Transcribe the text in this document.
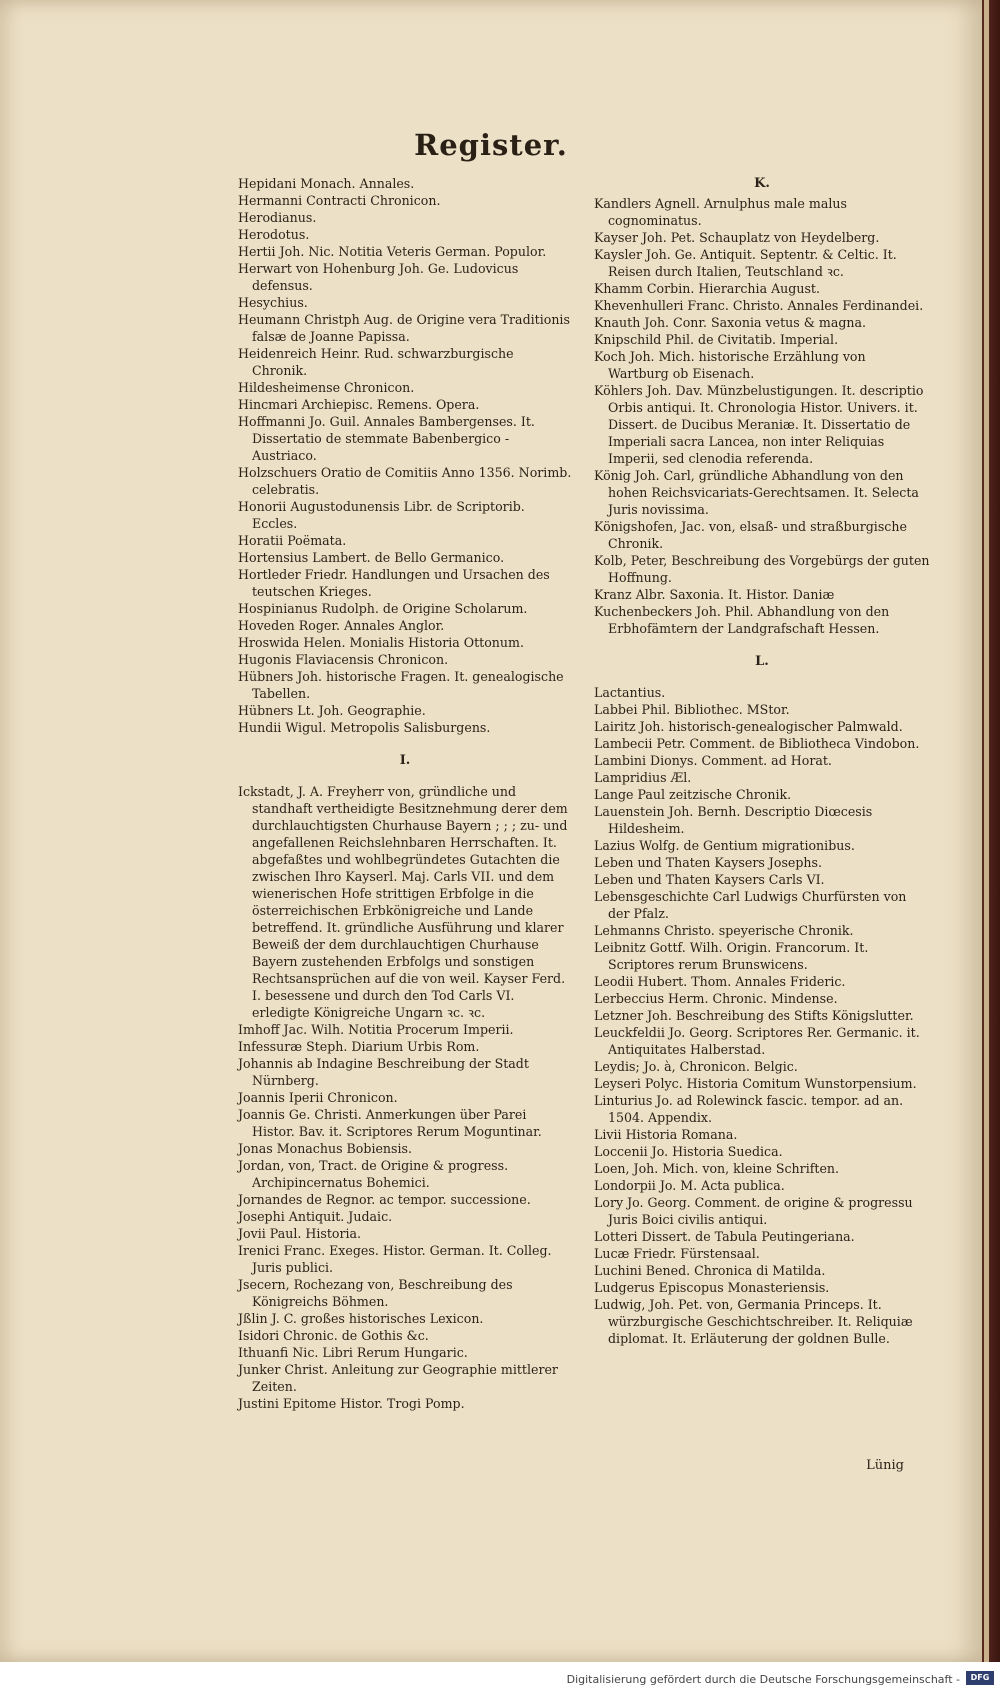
Register.

Hepidani Monach. Annales.

Hermanni Contracti Chronicon.

Herodianus.

Herodotus.

Hertii Joh. Nic. Notitia Veteris German. Populor.

Herwart von Hohenburg Joh. Ge. Ludovicus defensus.

Hesychius.

Heumann Christph Aug. de Origine vera Traditionis falsæ de Joanne Papissa.

Heidenreich Heinr. Rud. schwarzburgische Chronik.

Hildesheimense Chronicon.

Hincmari Archiepisc. Remens. Opera.

Hoffmanni Jo. Guil. Annales Bambergenses. It. Dissertatio de stemmate Babenbergico - Austriaco.

Holzschuers Oratio de Comitiis Anno 1356. Norimb. celebratis.

Honorii Augustodunensis Libr. de Scriptorib. Eccles.

Horatii Poëmata.

Hortensius Lambert. de Bello Germanico.

Hortleder Friedr. Handlungen und Ursachen des teutschen Krieges.

Hospinianus Rudolph. de Origine Scholarum.

Hoveden Roger. Annales Anglor.

Hroswida Helen. Monialis Historia Ottonum.

Hugonis Flaviacensis Chronicon.

Hübners Joh. historische Fragen. It. genealogische Tabellen.

Hübners Lt. Joh. Geographie.

Hundii Wigul. Metropolis Salisburgens.

I.

Ickstadt, J. A. Freyherr von, gründliche und standhaft vertheidigte Besitznehmung derer dem durchlauchtigsten Churhause Bayern ; ; ; zu- und angefallenen Reichslehnbaren Herrschaften. It. abgefaßtes und wohlbegründetes Gutachten die zwischen Ihro Kayserl. Maj. Carls VII. und dem wienerischen Hofe strittigen Erbfolge in die österreichischen Erbkönigreiche und Lande betreffend. It. gründliche Ausführung und klarer Beweiß der dem durchlauchtigen Churhause Bayern zustehenden Erbfolgs und sonstigen Rechtsansprüchen auf die von weil. Kayser Ferd. I. besessene und durch den Tod Carls VI. erledigte Königreiche Ungarn ꝛc. ꝛc.

Imhoff Jac. Wilh. Notitia Procerum Imperii.

Infessuræ Steph. Diarium Urbis Rom.

Johannis ab Indagine Beschreibung der Stadt Nürnberg.

Joannis Iperii Chronicon.

Joannis Ge. Christi. Anmerkungen über Parei Histor. Bav. it. Scriptores Rerum Moguntinar.

Jonas Monachus Bobiensis.

Jordan, von, Tract. de Origine & progress. Archipincernatus Bohemici.

Jornandes de Regnor. ac tempor. successione.

Josephi Antiquit. Judaic.

Jovii Paul. Historia.

Irenici Franc. Exeges. Histor. German. It. Colleg. Juris publici.

Jsecern, Rochezang von, Beschreibung des Königreichs Böhmen.

Jßlin J. C. großes historisches Lexicon.

Isidori Chronic. de Gothis &c.

Ithuanfi Nic. Libri Rerum Hungaric.

Junker Christ. Anleitung zur Geographie mittlerer Zeiten.

Justini Epitome Histor. Trogi Pomp.

K.

Kandlers Agnell. Arnulphus male malus cognominatus.

Kayser Joh. Pet. Schauplatz von Heydelberg.

Kaysler Joh. Ge. Antiquit. Septentr. & Celtic. It. Reisen durch Italien, Teutschland ꝛc.

Khamm Corbin. Hierarchia August.

Khevenhulleri Franc. Christo. Annales Ferdinandei.

Knauth Joh. Conr. Saxonia vetus & magna.

Knipschild Phil. de Civitatib. Imperial.

Koch Joh. Mich. historische Erzählung von Wartburg ob Eisenach.

Köhlers Joh. Dav. Münzbelustigungen. It. descriptio Orbis antiqui. It. Chronologia Histor. Univers. it. Dissert. de Ducibus Meraniæ. It. Dissertatio de Imperiali sacra Lancea, non inter Reliquias Imperii, sed clenodia referenda.

König Joh. Carl, gründliche Abhandlung von den hohen Reichsvicariats-Gerechtsamen. It. Selecta Juris novissima.

Königshofen, Jac. von, elsaß- und straßburgische Chronik.

Kolb, Peter, Beschreibung des Vorgebürgs der guten Hoffnung.

Kranz Albr. Saxonia. It. Histor. Daniæ

Kuchenbeckers Joh. Phil. Abhandlung von den Erbhofämtern der Landgrafschaft Hessen.

L.

Lactantius.

Labbei Phil. Bibliothec. MStor.

Lairitz Joh. historisch-genealogischer Palmwald.

Lambecii Petr. Comment. de Bibliotheca Vindobon.

Lambini Dionys. Comment. ad Horat.

Lampridius Æl.

Lange Paul zeitzische Chronik.

Lauenstein Joh. Bernh. Descriptio Diœcesis Hildesheim.

Lazius Wolfg. de Gentium migrationibus.

Leben und Thaten Kaysers Josephs.

Leben und Thaten Kaysers Carls VI.

Lebensgeschichte Carl Ludwigs Churfürsten von der Pfalz.

Lehmanns Christo. speyerische Chronik.

Leibnitz Gottf. Wilh. Origin. Francorum. It. Scriptores rerum Brunswicens.

Leodii Hubert. Thom. Annales Frideric.

Lerbeccius Herm. Chronic. Mindense.

Letzner Joh. Beschreibung des Stifts Königslutter.

Leuckfeldii Jo. Georg. Scriptores Rer. Germanic. it. Antiquitates Halberstad.

Leydis; Jo. à, Chronicon. Belgic.

Leyseri Polyc. Historia Comitum Wunstorpensium.

Linturius Jo. ad Rolewinck fascic. tempor. ad an. 1504. Appendix.

Livii Historia Romana.

Loccenii Jo. Historia Suedica.

Loen, Joh. Mich. von, kleine Schriften.

Londorpii Jo. M. Acta publica.

Lory Jo. Georg. Comment. de origine & progressu Juris Boici civilis antiqui.

Lotteri Dissert. de Tabula Peutingeriana.

Lucæ Friedr. Fürstensaal.

Luchini Bened. Chronica di Matilda.

Ludgerus Episcopus Monasteriensis.

Ludwig, Joh. Pet. von, Germania Princeps. It. würzburgische Geschichtschreiber. It. Reliquiæ diplomat. It. Erläuterung der goldnen Bulle.

Lünig
Digitalisierung gefördert durch die Deutsche Forschungsgemeinschaft -	DFG
